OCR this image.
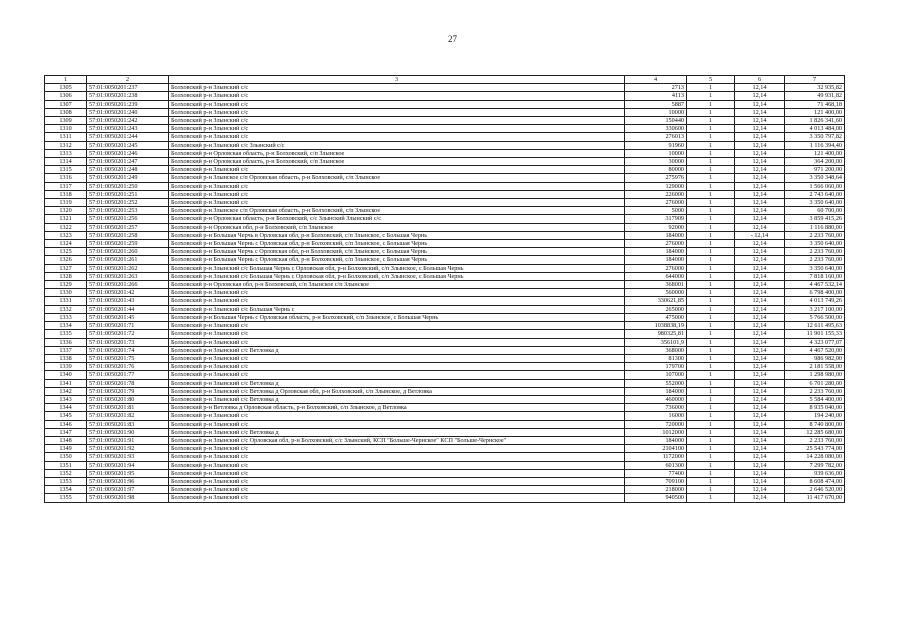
27
1	2	3	4	5	6	7
1305	57:01:0050201:237	Болховский р-н Злынский с/с	2713	1	12,14	32 935,82
1306	57:01:0050201:238	Болховский р-н Злынский с/с	4113	1	12,14	49 931,82
1307	57:01:0050201:239	Болховский р-н Злынский с/с	5887	1	12,14	71 468,18
1308	57:01:0050201:240	Болховский р-н Злынский с/с	10000	1	12,14	121 400,00
1309	57:01:0050201:242	Болховский р-н Злынский с/с	150440	1	12,14	1 826 341,60
1310	57:01:0050201:243	Болховский р-н Злынский с/с	330600	1	12,14	4 013 484,00
1311	57:01:0050201:244	Болховский р-н Злынский с/с	276013	1	12,14	3 350 797,82
1312	57:01:0050201:245	Болховский р-н Злынский с/с Злынский с/с	91960	1	12,14	1 116 394,40
1313	57:01:0050201:246	Болховский р-н Орловская область, р-н Болховский, с/п Злынское	10000	1	12,14	121 400,00
1314	57:01:0050201:247	Болховский р-н Орловская область, р-н Болховский, с/п Злынское	30000	1	12,14	364 200,00
1315	57:01:0050201:248	Болховский р-н Злынский с/с	80000	1	12,14	971 200,00
1316	57:01:0050201:249	Болховский р-н Злынское с/п Орловская область, р-н Болховский, с/п Злынское	275976	1	12,14	3 350 348,64
1317	57:01:0050201:250	Болховский р-н Злынский с/с	129000	1	12,14	1 566 060,00
1318	57:01:0050201:251	Болховский р-н Злынский с/с	226000	1	12,14	2 743 640,00
1319	57:01:0050201:252	Болховский р-н Злынский с/с	276000	1	12,14	3 350 640,00
1320	57:01:0050201:253	Болховский р-н Злынское с/п Орловская область, р-н Болховский, с/п Злынское	5000	1	12,14	60 700,00
1321	57:01:0050201:256	Болховский р-н Орловская область, р-н Болховский, с/с Злынский Злынский с/с	317909	1	12,14	3 859 415,26
1322	57:01:0050201:257	Болховский р-н Орловская обл, р-н Болховский, с/п Злынское	92000	1	12,14	1 116 880,00
1323	57:01:0050201:258	Болховский р-н Большая Черчь в Орловская обл, р-н Болховский, с/п Злынское, с Большая Чернь	184000	1	- 12,14	2 233 760,00
1324	57:01:0050201:259	Болховский р-н Большая Чернь с Орловская обл, р-н Болховский, с/п Злынское, с Большая Чернь	276000	1	12,14	3 350 640,00
1325	57:01:0050201:260	Болховский р-н Большая Черчь с Орловская обл, р-н Болховский, с/п Злынское, с Большая Чернь	184000	1	12,14	2 233 760,00
1326	57:01:0050201:261	Болховский р-н Большая Чернь с Орловская обл, р-н Болховский, с/п Злынское, с Большая Чернь	184000	1	12,14	2 233 760,00
1327	57:01:0050201:262	Болховский р-н Злынский с/с Большая Чернь с Орловская обл, р-н Болховский, с/п Злынское, с Большая Чернь	276000	1	12,14	3 350 640,00
1328	57:01:0050201:263	Болховский р-н Злынский с/с Большая Чернь с Орловская обл, р-н Болховский, с/п Злынское, с Большая Чернь	644000	1	12,14	7 818 160,00
1329	57:01:0050201:266	Болховский р-н Орловская обл, р-н Болховский, с/п Злынское с/п Злынское	368001	1	12,14	4 467 532,14
1330	57:01:0050201:42	Болховский р-н Злынский с/с	560000	1	12,14	6 798 400,00
1331	57:01:0050201:43	Болховский р-н Злынский с/с	330621,85	1	12,14	4 013 749,26
1332	57:01:0050201:44	Болховский р-н Злынский с/с Большая Чернь с	265000	1	12,14	3 217 100,00
1333	57:01:0050201:45	Болховский р-н Большая Чернь с Орловская область, р-н Болховский, с/п Злынское, с Большая Чернь	475000	1	12,14	5 766 500,00
1334	57:01:0050201:71	Болховский р-н Злынский с/с	1038838,19	1	12,14	12 611 495,63
1335	57:01:0050201:72	Болховский р-н Злынский с/с	980325,81	1	12,14	11 901 155,33
1336	57:01:0050201:73	Болховский р-н Злынский с/с	356101,9	1	12,14	4 323 077,07
1337	57:01:0050201:74	Болховский р-н Злынский с/с Ветловка д	368000	1	12,14	4 467 520,00
1338	57:01:0050201:75	Болховский р-н Злынский с/с	81300	1	12,14	986 982,00
1339	57:01:0050201:76	Болховский р-н Злынский с/с	179700	1	12,14	2 181 558,00
1340	57:01:0050201:77	Болховский р-н Злынский с/с	107000	1	12,14	1 298 980,00
1341	57:01:0050201:78	Болховский р-н Злынский с/с Ветловка д	552000	1	12,14	6 701 280,00
1342	57:01:0050201:79	Болховский р-н Злынский с/с Ветловка д Орловская обл, р-н Болховский, с/п Злынское, д Ветловка	184000	1	12,14	2 233 760,00
1343	57:01:0050201:80	Болховский р-н Злынский с/с Ветловка д	460000	1	12,14	5 584 400,00
1344	57:01:0050201:81	Болховский р-н Ветловка д Орловская область, р-н Болховский, с/п Злынское, д Ветловка	736000	1	12,14	8 935 040,00
1345	57:01:0050201:82	Болховский р-н Злынский с/с	16000	1	12,14	194 240,00
1346	57:01:0050201:83	Болховский р-н Злынский с/с	720000	1	12,14	8 740 800,00
1347	57:01:0050201:90	Болховский р-н Злынский с/с Ветловка д	1012000	1	12,14	12 285 680,00
1348	57:01:0050201:91	Болховский р-н Злынский с/с Орловская обл, р-н Болховский, с/с Злынский, КСП "Больше-Чернское" КСП "Больше-Чернское"	184000	1	12,14	2 233 760,00
1349	57:01:0050201:92	Болховский р-н Злынский с/с	2104100	1	12,14	25 543 774,00
1350	57:01:0050201:93	Болховский р-н Злынский с/с	1172000	1	12,14	14 228 080,00
1351	57:01:0050201:94	Болховский р-н Злынский с/с	601300	1	12,14	7 299 782,00
1352	57:01:0050201:95	Болховский р-н Злынский с/с	77400	1	12,14	939 636,00
1353	57:01:0050201:96	Болховский р-н Злынский с/с	709100	1	12,14	8 608 474,00
1354	57:01:0050201:97	Болховский р-н Злынский с/с	218000	1	12,14	2 646 520,00
1355	57:01:0050201:98	Болховский р-н Злынский с/с	940500	1	12,14	11 417 670,00
